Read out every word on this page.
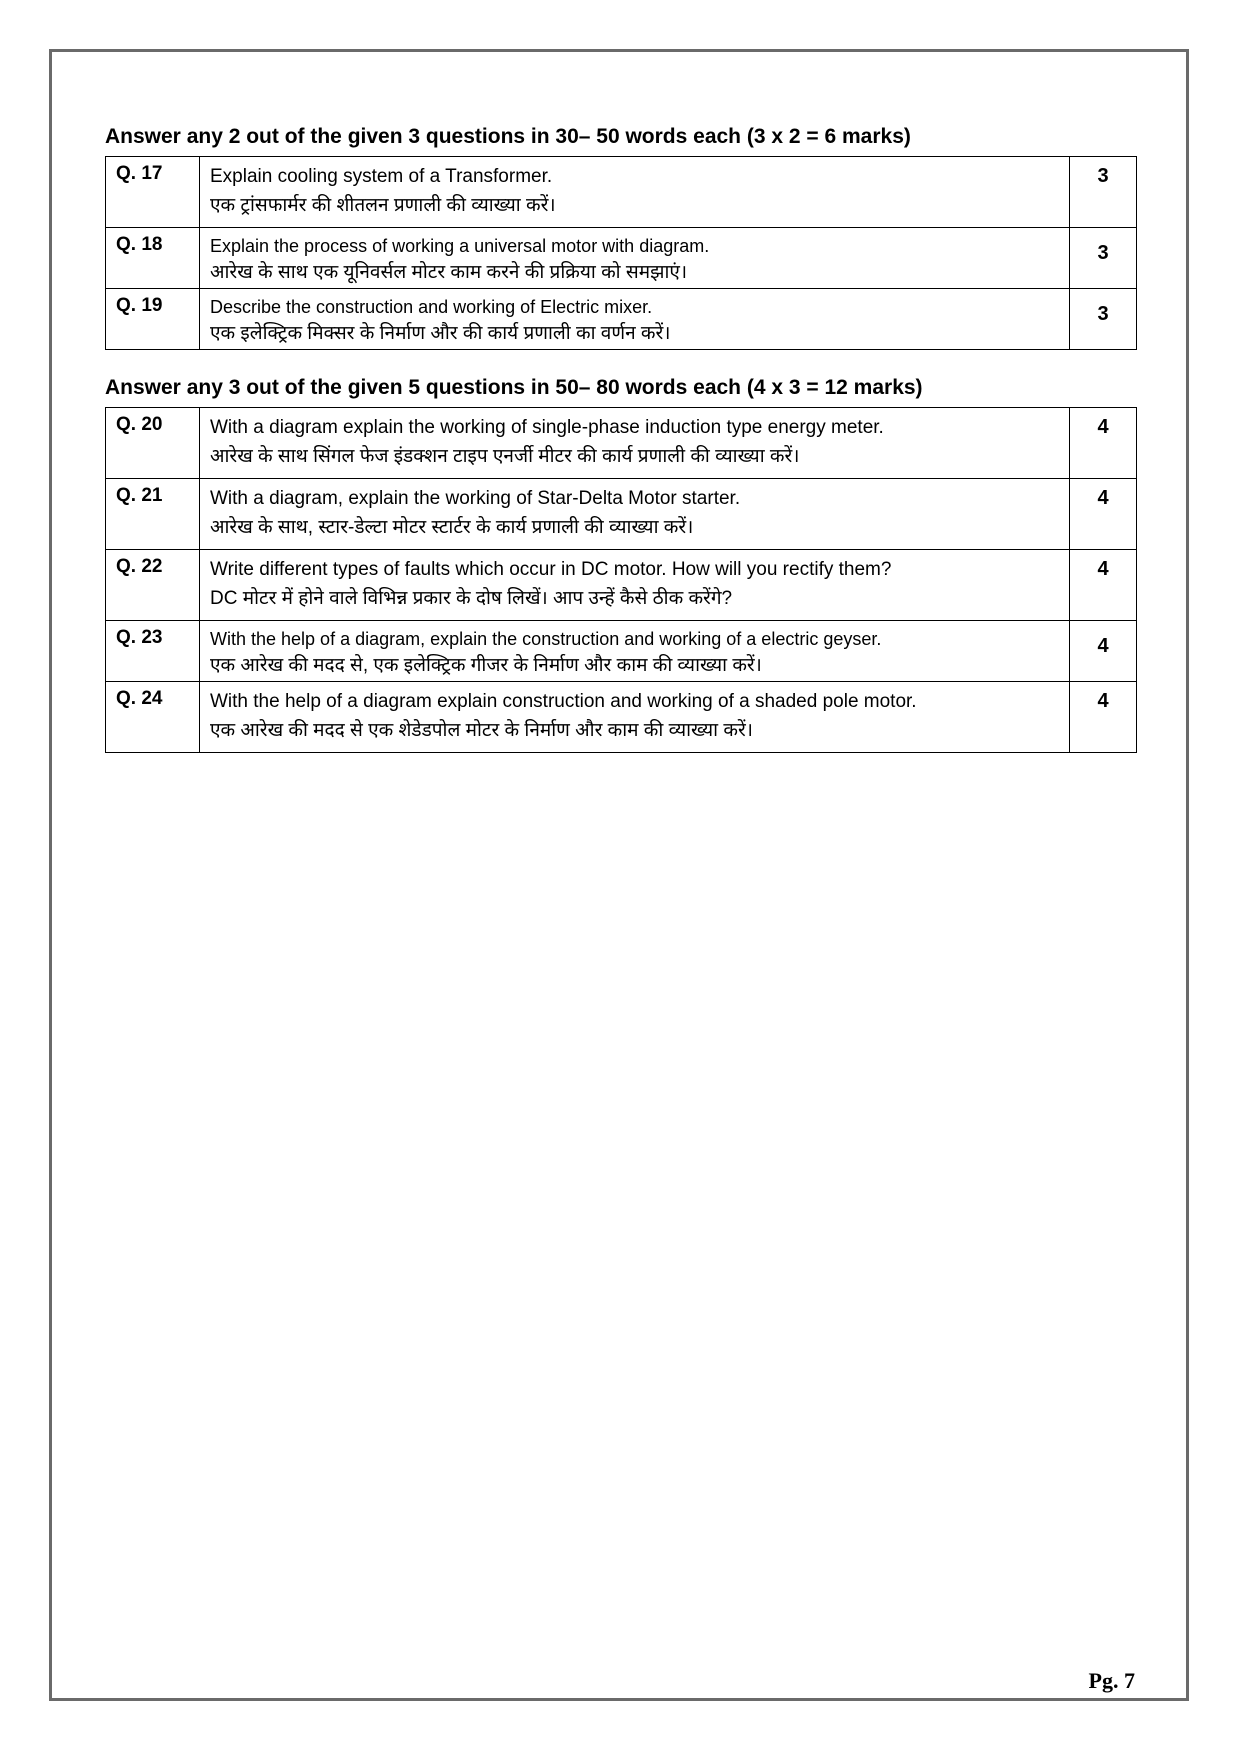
Answer any 2 out of the given 3 questions in 30– 50 words each (3 x 2 = 6 marks)
Q. 17	Explain cooling system of a Transformer.
एक ट्रांसफार्मर की शीतलन प्रणाली की व्याख्या करें।	3
Q. 18	Explain the process of working a universal motor with diagram.
आरेख के साथ एक यूनिवर्सल मोटर काम करने की प्रक्रिया को समझाएं।	3
Q. 19	Describe the construction and working of Electric mixer.
एक इलेक्ट्रिक मिक्सर के निर्माण और की कार्य प्रणाली का वर्णन करें।	3
Answer any 3 out of the given 5 questions in 50– 80 words each (4 x 3 = 12 marks)
Q. 20	With a diagram explain the working of single-phase induction type energy meter.
आरेख के साथ सिंगल फेज इंडक्शन टाइप एनर्जी मीटर की कार्य प्रणाली की व्याख्या करें।	4
Q. 21	With a diagram, explain the working of Star-Delta Motor starter.
आरेख के साथ, स्टार-डेल्टा मोटर स्टार्टर के कार्य प्रणाली की व्याख्या करें।	4
Q. 22	Write different types of faults which occur in DC motor. How will you rectify them?
DC मोटर में होने वाले विभिन्न प्रकार के दोष लिखें। आप उन्हें कैसे ठीक करेंगे?	4
Q. 23	With the help of a diagram, explain the construction and working of a electric geyser.
एक आरेख की मदद से, एक इलेक्ट्रिक गीजर के निर्माण और काम की व्याख्या करें।	4
Q. 24	With the help of a diagram explain construction and working of a shaded pole motor.
एक आरेख की मदद से एक शेडेडपोल मोटर के निर्माण और काम की व्याख्या करें।	4
Pg. 7
